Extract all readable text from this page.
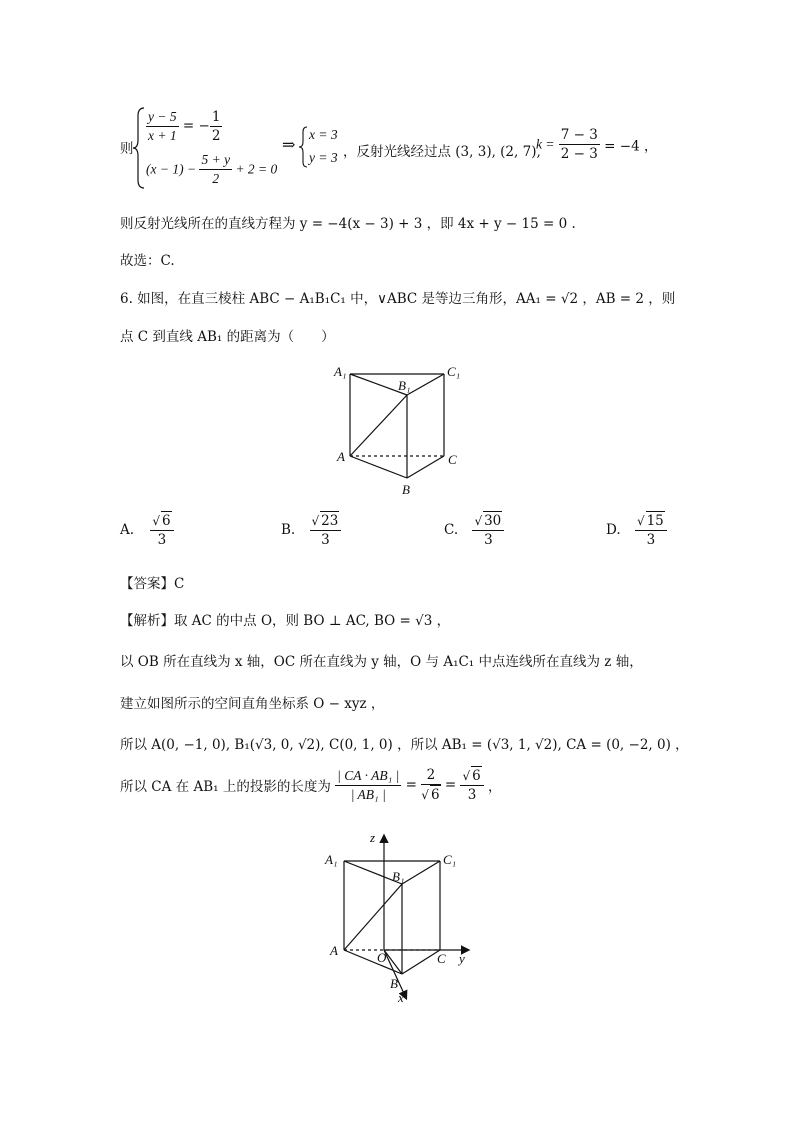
则
$\frac{y - 5}{x + 1}$ = − $\frac{1}{2}$
$(x - 1) - \frac{5 + y}{2} + 2 = 0$
⇒
x = 3
y = 3 ，反射光线经过点 (3, 3), (2, 7),
$k = \frac{7 - 3}{2 - 3} = -4$ ，
则反射光线所在的直线方程为 y = −4(x − 3) + 3 ，即 4x + y − 15 = 0 .
故选：C.
6. 如图，在直三棱柱 ABC − A₁B₁C₁ 中，∨ABC 是等边三角形，AA₁ = √2 ，AB = 2 ，则
点 C 到直线 AB₁ 的距离为（　　）
A₁
B₁
C₁
A	C
B
A. $\frac{√ 6}{3}$	B. $\frac{√ 23}{3}$	C. $\frac{√ 30}{3}$	D. $\frac{√ 15}{3}$
【答案】C
【解析】取 AC 的中点 O，则 BO ⊥ AC, BO = √3 ，
以 OB 所在直线为 x 轴，OC 所在直线为 y 轴，O 与 A₁C₁ 中点连线所在直线为 z 轴，
建立如图所示的空间直角坐标系 O − xyz ，
所以 A(0, −1, 0), B₁(√3, 0, √2), C(0, 1, 0) ，所以 AB₁ = (√3, 1, √2), CA = (0, −2, 0) ，
所以 CA 在 AB₁ 上的投影的长度为 $\frac{\text{| CA · AB₁ |}}{\text{| AB₁ |}} = \frac{2}{√ 6} = \frac{√ 6}{3}$ ，
z
A₁
B₁
C₁
A	O	C y
B
x
